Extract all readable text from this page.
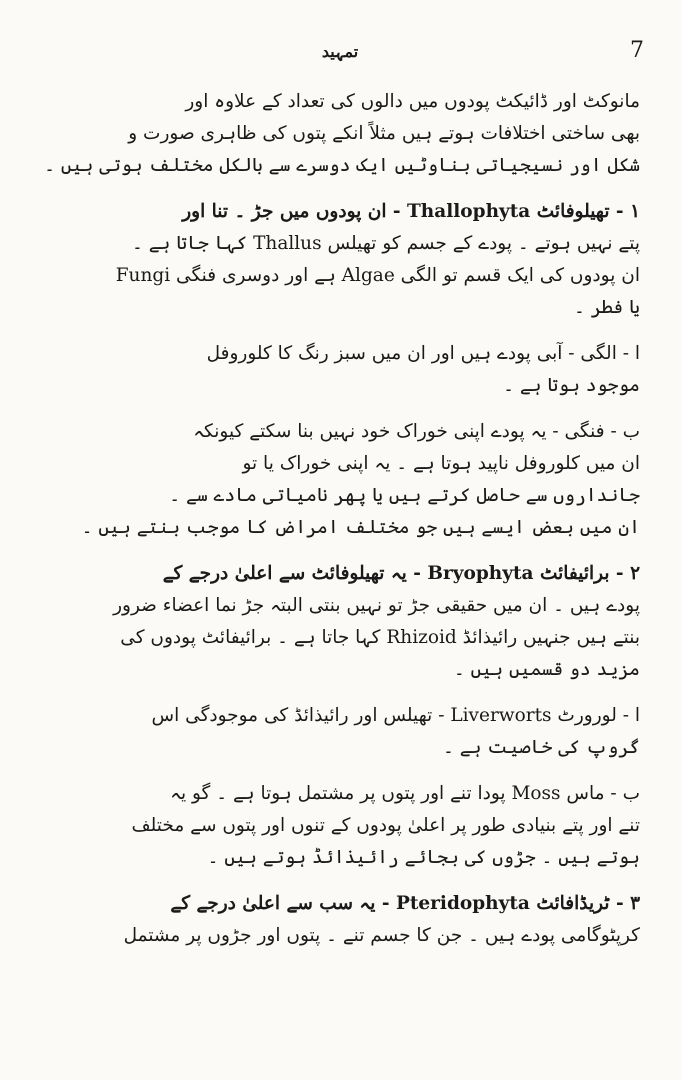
7
تمہید

مانوکٹ اور ڈائیکٹ پودوں میں دالوں کی تعداد کے علاوہ اور
بھی ساختی اختلافات ہوتے ہیں مثلاً انکے پتوں کی ظاہری صورت و
شکل اور نسیجیاتی بناوٹیں ایک دوسرے سے بالکل مختلف ہوتی ہیں ۔

۱ - تھیلوفائٹ Thallophyta - ان پودوں میں جڑ ۔ تنا اور
پتے نہیں ہوتے ۔ پودے کے جسم کو تھیلس Thallus کہا جاتا ہے ۔
ان پودوں کی ایک قسم تو الگی Algae ہے اور دوسری فنگی Fungi
یا فطر ۔

ا - الگی - آبی پودے ہیں اور ان میں سبز رنگ کا کلوروفل
موجود ہوتا ہے ۔

ب - فنگی - یہ پودے اپنی خوراک خود نہیں بنا سکتے کیونکہ
ان میں کلوروفل ناپید ہوتا ہے ۔ یہ اپنی خوراک یا تو
جانداروں سے حاصل کرتے ہیں یا پھر نامیاتی مادے سے ۔
ان میں بعض ایسے ہیں جو مختلف امراض کا موجب بنتے ہیں ۔

۲ - برائیفائٹ Bryophyta - یہ تھیلوفائٹ سے اعلیٰ درجے کے
پودے ہیں ۔ ان میں حقیقی جڑ تو نہیں بنتی البتہ جڑ نما اعضاء ضرور
بنتے ہیں جنہیں رائیذائڈ Rhizoid کہا جاتا ہے ۔ برائیفائٹ پودوں کی
مزید دو قسمیں ہیں ۔

ا - لورورٹ Liverworts - تھیلس اور رائیذائڈ کی موجودگی اس
گروپ کی خاصیت ہے ۔

ب - ماس Moss پودا تنے اور پتوں پر مشتمل ہوتا ہے ۔ گو یہ
تنے اور پتے بنیادی طور پر اعلیٰ پودوں کے تنوں اور پتوں سے مختلف
ہوتے ہیں ۔ جڑوں کی بجائے رائیذائڈ ہوتے ہیں ۔

۳ - ٹریڈافائٹ Pteridophyta - یہ سب سے اعلیٰ درجے کے
کرپٹوگامی پودے ہیں ۔ جن کا جسم تنے ۔ پتوں اور جڑوں پر مشتمل
